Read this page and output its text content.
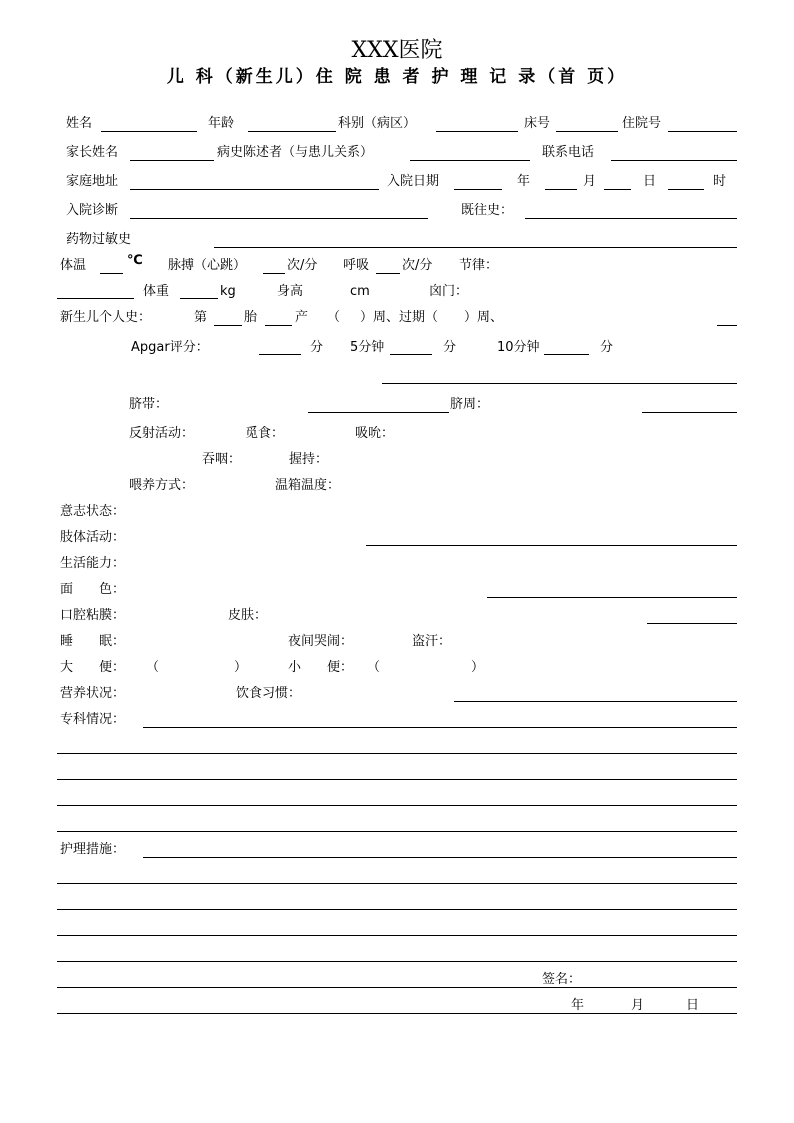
XXX医院
儿 科（新生儿）住 院 患 者 护 理 记 录（首 页）
姓名	年龄	科别（病区）	床号	住院号
家长姓名	病史陈述者（与患儿关系）	联系电话
家庭地址	入院日期	年	月	日	时
入院诊断	既往史：
药物过敏史
体温	℃ 脉搏（心跳）	次/分 呼吸	次/分 节律：
体重	kg	身高	cm	囟门：
新生儿个人史：	第	胎	产 （ ）周、过期（ ）周、
Apgar评分：	分 5分钟	分	10分钟	分
脐带：	脐周：
反射活动：	觅食：	吸吮：
吞咽：	握持：
喂养方式：	温箱温度：
意志状态：
肢体活动：
生活能力：
面　　色：
口腔粘膜：	皮肤：
睡　　眠：	夜间哭闹：	盗汗：
大　　便： （	）	小　　便： （	）
营养状况：	饮食习惯：
专科情况：
护理措施：
签名：
年	月	日
